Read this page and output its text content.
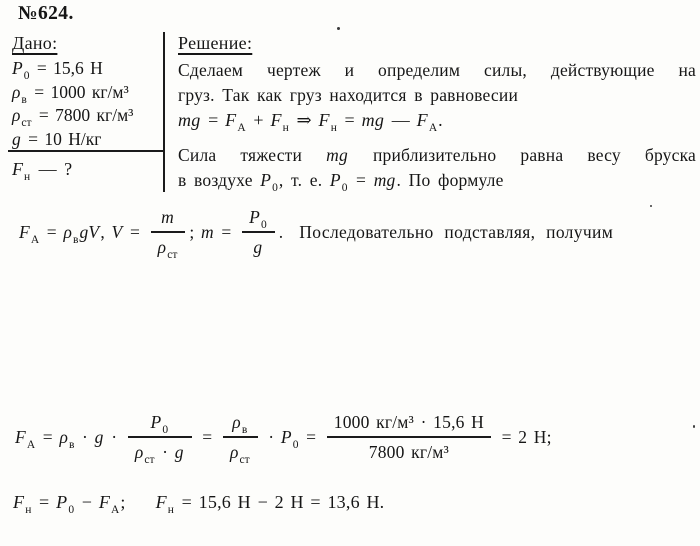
№624.
Дано:
$P_0 = 15,6$ Н
$\rho_в = 1000$ кг/м³
$\rho_{ст} = 7800$ кг/м³
g = 10 Н/кг
$F_н$ — ?
Решение:
Сделаем чертеж и определим силы, действующие на
груз. Так как груз находится в равновесии
mg = $F_А + F_н$ ⇒ $F_н$ = mg — $F_А$.
Сила тяжести mg приблизительно равна весу бруска
в воздухе $P_0$, т. е. $P_0$ = mg. По формуле
$F_А = \rho_вgV$, $V = \frac{m}{\rho_{ст}}$ ; $m = \frac{P_0}{g}$ . Последовательно подставляя, получим
$F_А = \rho_в \cdot g \cdot \frac{P_0}{\rho_{ст} \cdot g} = \frac{\rho_в}{\rho_{ст}} \cdot P_0 = \frac{\text{1000 кг/м³ · 15,6 Н}}{\text{7800 кг/м³}} = 2$ Н;
$F_н = P_0 - F_А$; $F_н = 15,6$ Н − 2 Н = 13,6 Н.
